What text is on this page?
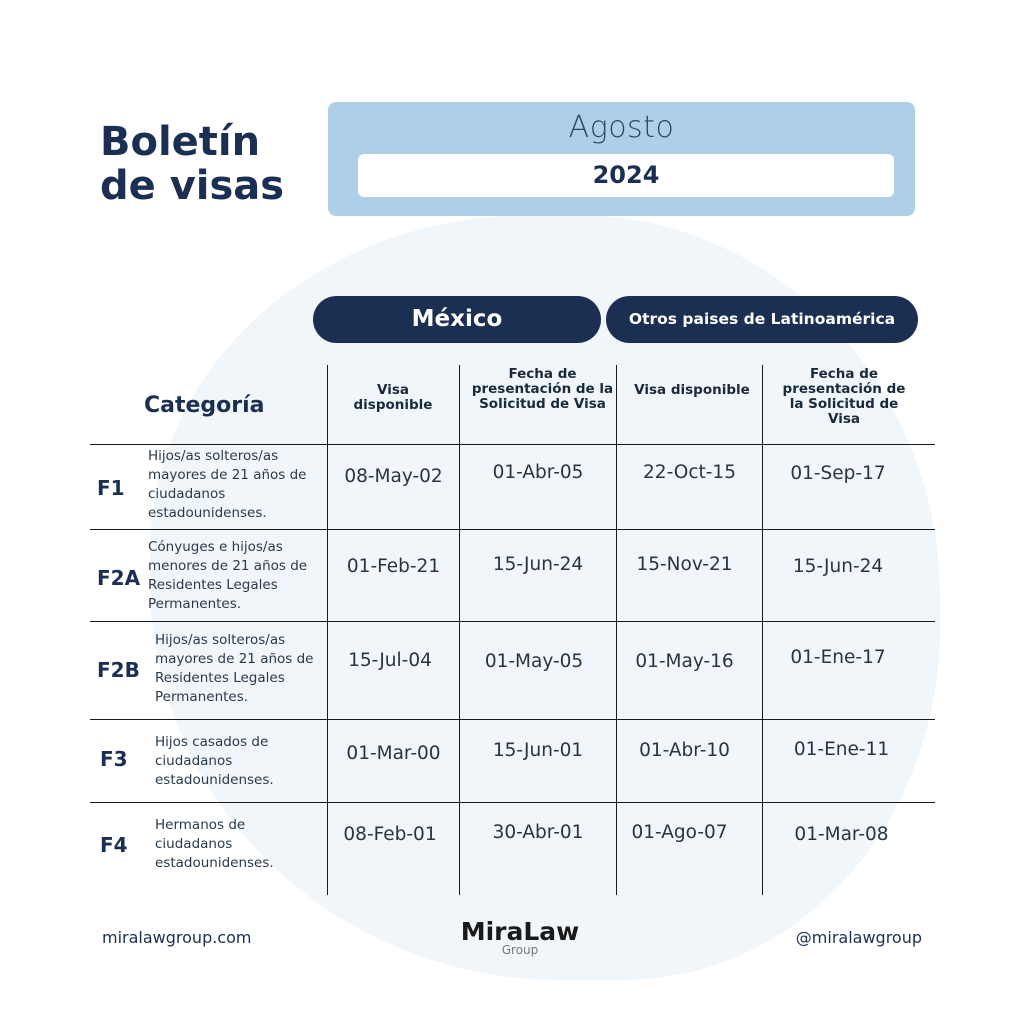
Boletín
de visas
Agosto
2024
México	Otros paises de Latinoamérica
Categoría
Visa disponible
Fecha de presentación de la Solicitud de Visa
Visa disponible
Fecha de presentación de la Solicitud de Visa
F1
Hijos/as solteros/as mayores de 21 años de ciudadanos estadounidenses.
08-May-02	01-Abr-05	22-Oct-15	01-Sep-17
F2A
Cónyuges e hijos/as menores de 21 años de Residentes Legales Permanentes.
01-Feb-21	15-Jun-24	15-Nov-21	15-Jun-24
F2B
Hijos/as solteros/as mayores de 21 años de Residentes Legales Permanentes.
15-Jul-04	01-May-05	01-May-16	01-Ene-17
F3
Hijos casados de ciudadanos estadounidenses.
01-Mar-00	15-Jun-01	01-Abr-10	01-Ene-11
F4
Hermanos de ciudadanos estadounidenses.
08-Feb-01	30-Abr-01	01-Ago-07	01-Mar-08
miralawgroup.com	MiraLaw
Group
@miralawgroup
